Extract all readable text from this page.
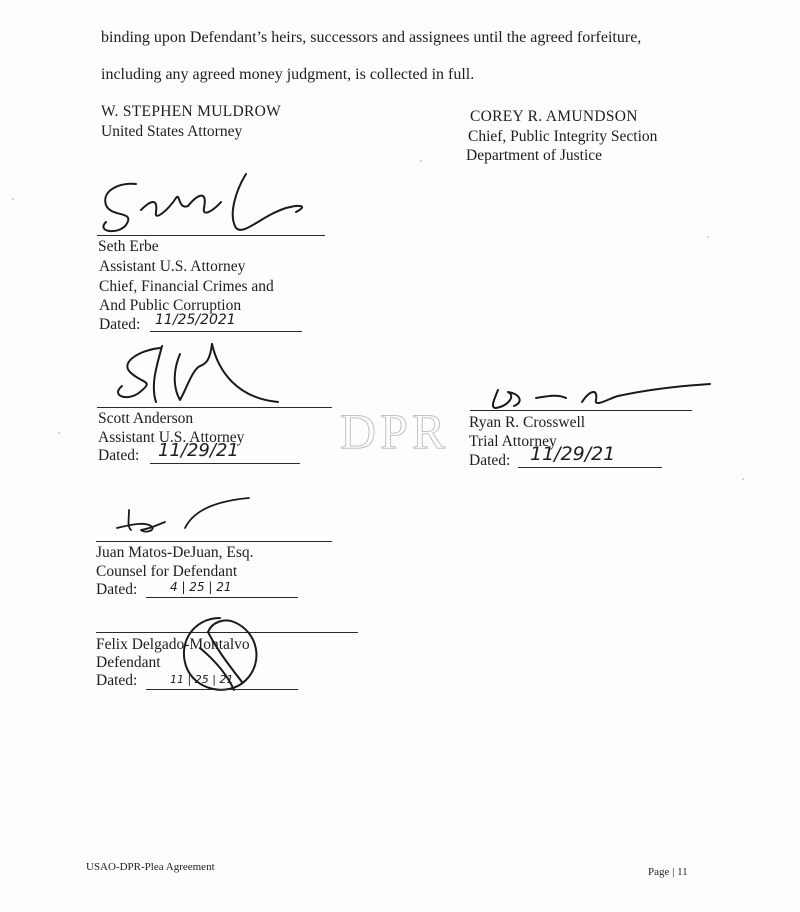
binding upon Defendant’s heirs, successors and assignees until the agreed forfeiture,
including any agreed money judgment, is collected in full.
W. STEPHEN MULDROW
United States Attorney
COREY R. AMUNDSON
Chief, Public Integrity Section
Department of Justice
Seth Erbe
Assistant U.S. Attorney
Chief, Financial Crimes and
And Public Corruption
Dated: 11/25/2021
Scott Anderson
Assistant U.S. Attorney
Dated: 11/29/21
Ryan R. Crosswell
Trial Attorney
Dated: 11/29/21
DPR
Juan Matos-DeJuan, Esq.
Counsel for Defendant
Dated:	4 | 25 | 21
Felix Delgado-Montalvo
Defendant
Dated:	11 | 25 | 21
USAO-DPR-Plea Agreement	Page | 11
